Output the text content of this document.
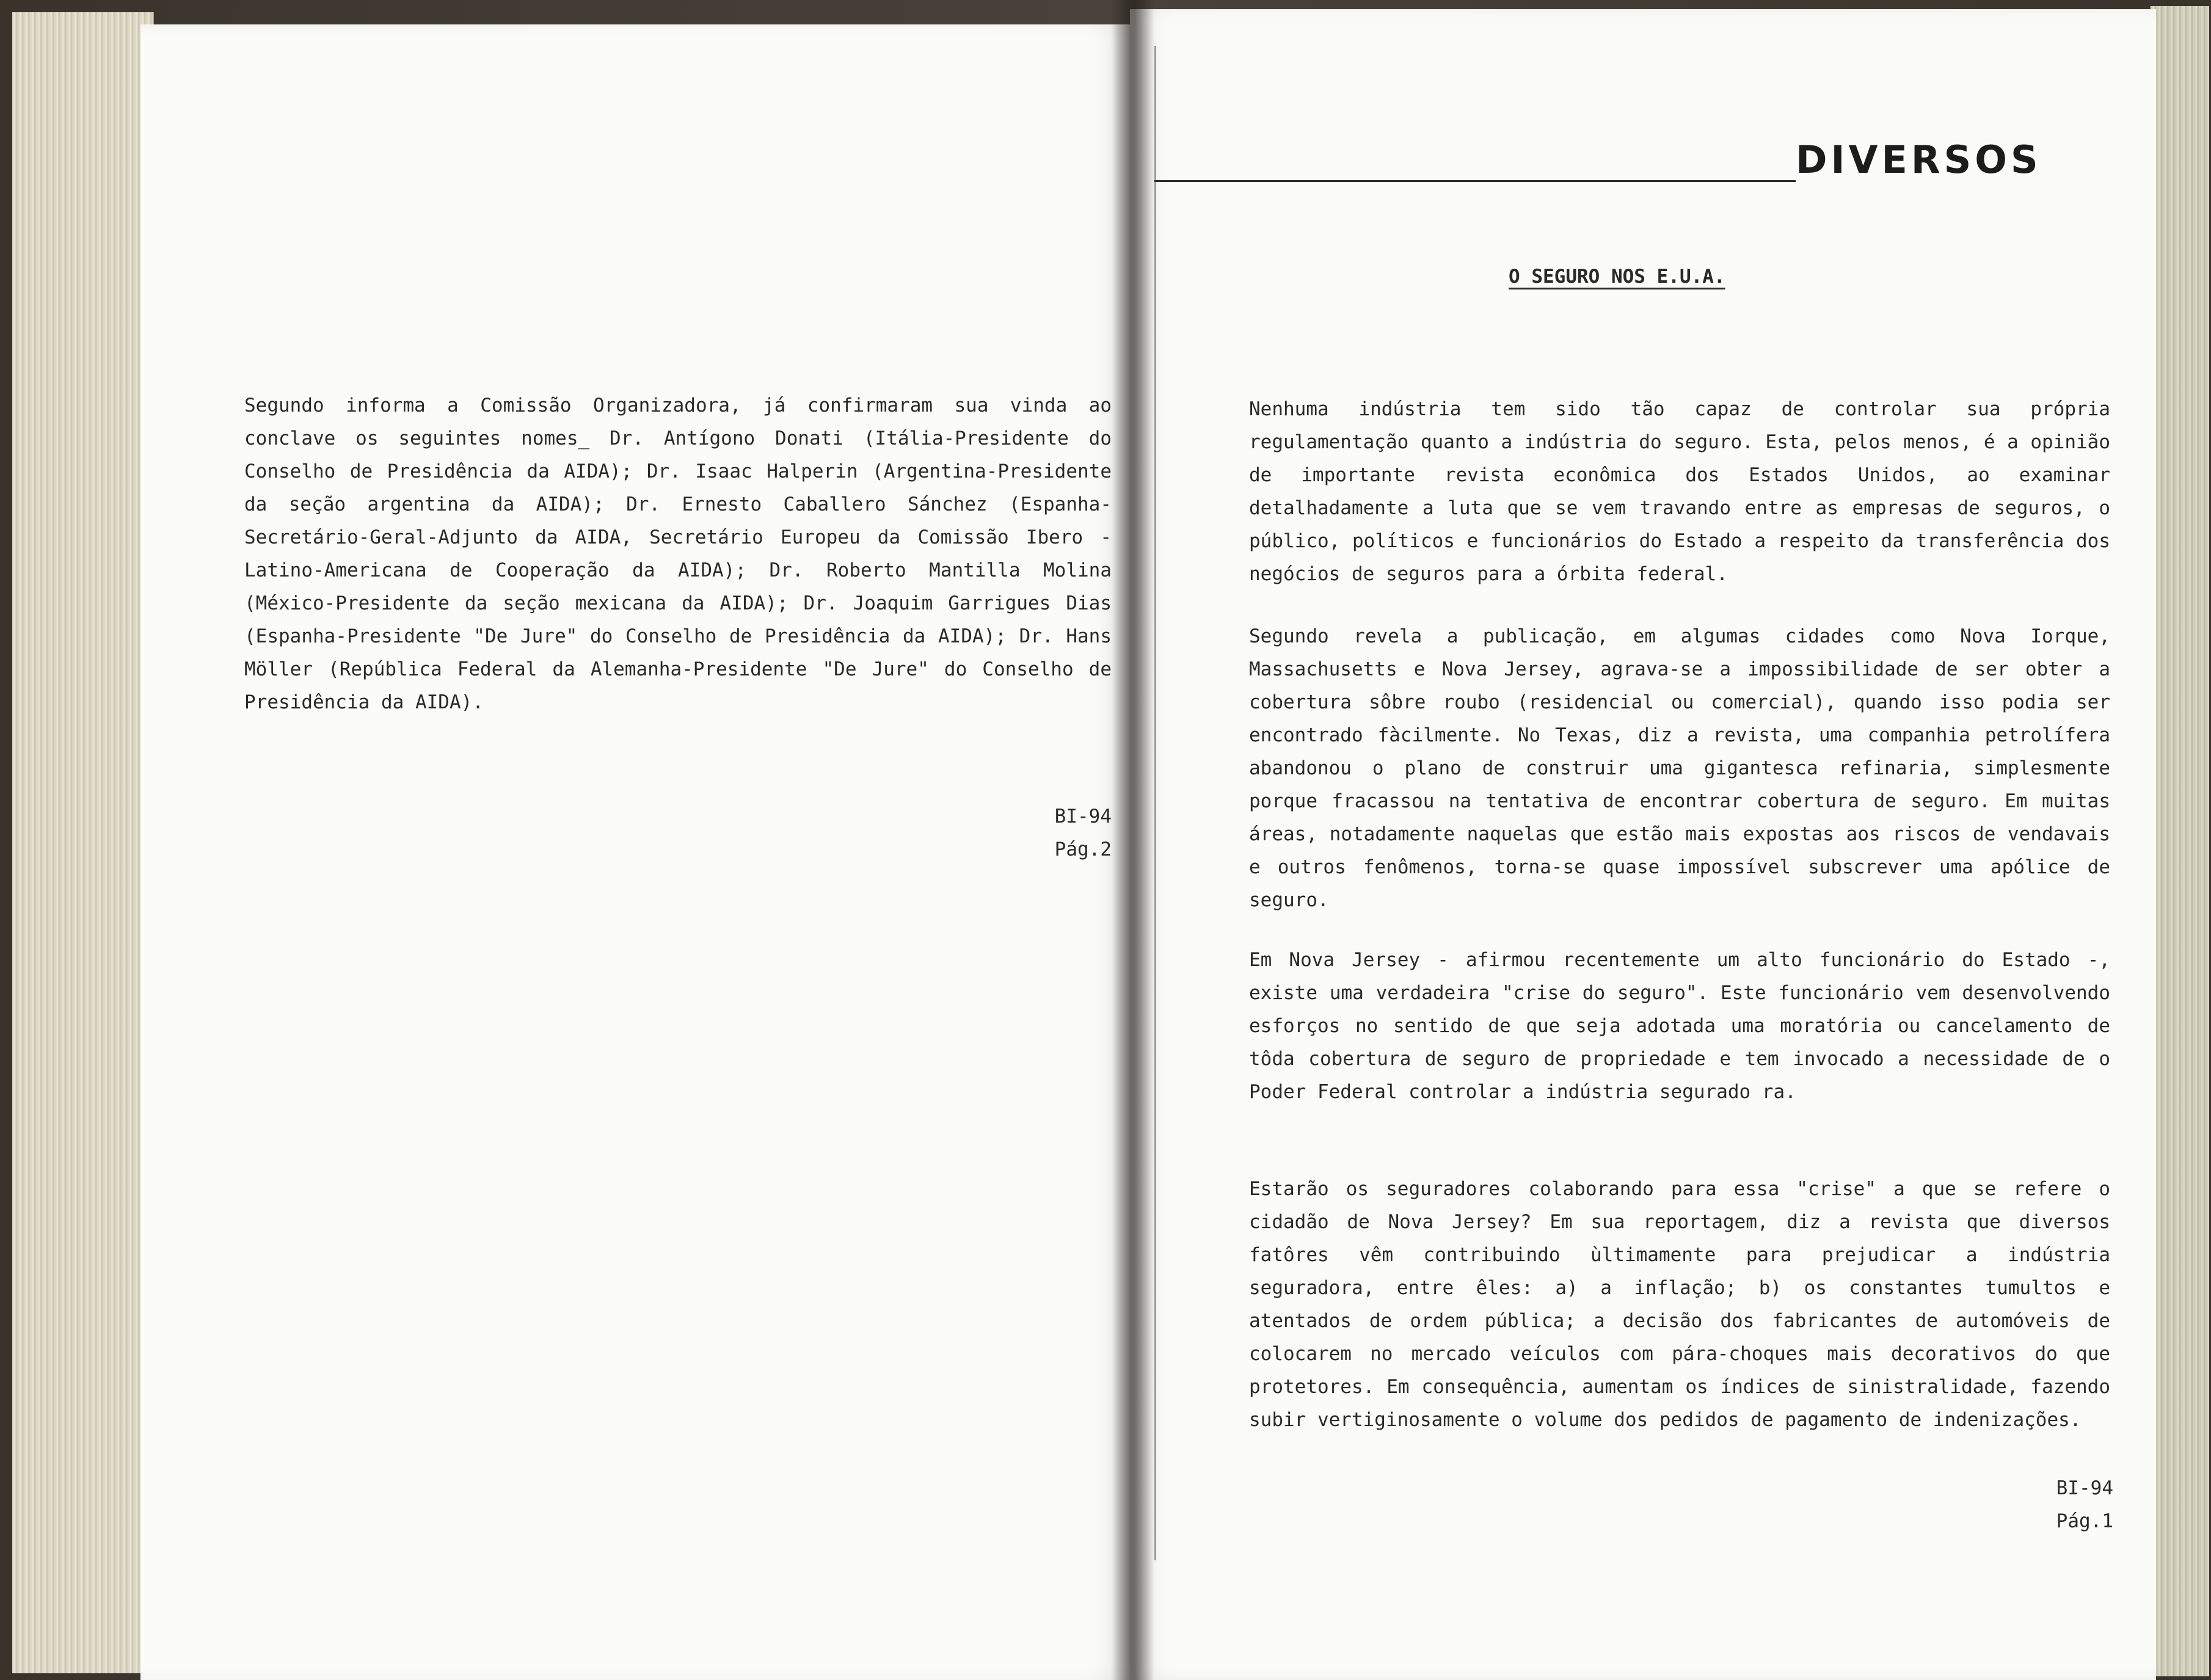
Segundo informa a Comissão Organizadora, já confirmaram sua vinda ao conclave os seguintes nomes_ Dr. Antígono Donati (Itália-Presidente do Conselho de Presidência da AIDA); Dr. Isaac Halperin (Argentina-Presidente da seção argentina da AIDA); Dr. Ernesto Caballero Sánchez (Espanha-Secretário-Geral-Adjunto da AIDA, Secretário Europeu da Comissão Ibero - Latino-Americana de Cooperação da AIDA); Dr. Roberto Mantilla Molina (México-Presidente da seção mexicana da AIDA); Dr. Joaquim Garrigues Dias (Espanha-Presidente "De Jure" do Conselho de Presidência da AIDA); Dr. Hans Möller (República Federal da Alemanha-Presidente "De Jure" do Conselho de Presidência da AIDA).

BI-94
Pág.2
DIVERSOS
O SEGURO NOS E.U.A.

Nenhuma indústria tem sido tão capaz de controlar sua própria regulamentação quanto a indústria do seguro. Esta, pelos menos, é a opinião de importante revista econômica dos Estados Unidos, ao examinar detalhadamente a luta que se vem travando entre as empresas de seguros, o público, políticos e funcionários do Estado a respeito da transferência dos negócios de seguros para a órbita federal.

Segundo revela a publicação, em algumas cidades como Nova Iorque, Massachusetts e Nova Jersey, agrava-se a impossibilidade de ser obter a cobertura sôbre roubo (residencial ou comercial), quando isso podia ser encontrado fàcilmente. No Texas, diz a revista, uma companhia petrolífera abandonou o plano de construir uma gigantesca refinaria, simplesmente porque fracassou na tentativa de encontrar cobertura de seguro. Em muitas áreas, notadamente naquelas que estão mais expostas aos riscos de vendavais e outros fenômenos, torna-se quase impossível subscrever uma apólice de seguro.

Em Nova Jersey - afirmou recentemente um alto funcionário do Estado -, existe uma verdadeira "crise do seguro". Este funcionário vem desenvolvendo esforços no sentido de que seja adotada uma moratória ou cancelamento de tôda cobertura de seguro de propriedade e tem invocado a necessidade de o Poder Federal controlar a indústria segurado ra.

Estarão os seguradores colaborando para essa "crise" a que se refere o cidadão de Nova Jersey? Em sua reportagem, diz a revista que diversos fatôres vêm contribuindo ùltimamente para prejudicar a indústria seguradora, entre êles: a) a inflação; b) os constantes tumultos e atentados de ordem pública; a decisão dos fabricantes de automóveis de colocarem no mercado veículos com pára-choques mais decorativos do que protetores. Em consequência, aumentam os índices de sinistralidade, fazendo subir vertiginosamente o volume dos pedidos de pagamento de indenizações.

BI-94
Pág.1
